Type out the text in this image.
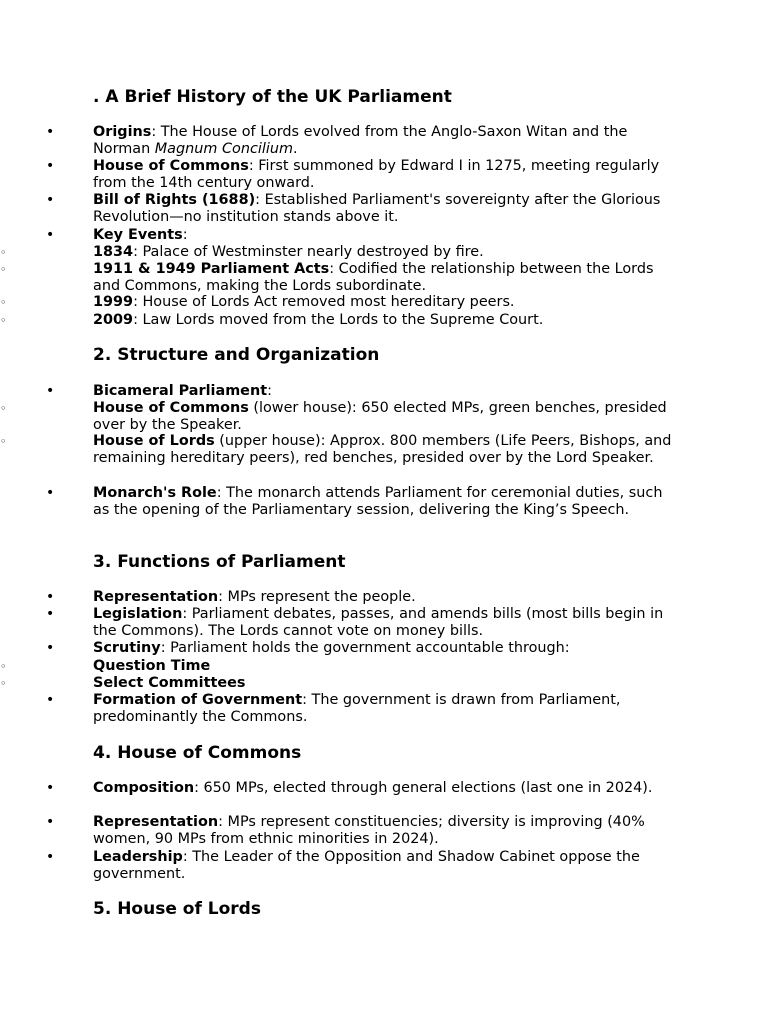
. A Brief History of the UK Parliament
•	Origins: The House of Lords evolved from the Anglo-Saxon Witan and the Norman Magnum Concilium.
•	House of Commons: First summoned by Edward I in 1275, meeting regularly from the 14th century onward.
•	Bill of Rights (1688): Established Parliament's sovereignty after the Glorious Revolution—no institution stands above it.
•	Key Events:
◦	1834: Palace of Westminster nearly destroyed by fire.
◦	1911 & 1949 Parliament Acts: Codified the relationship between the Lords and Commons, making the Lords subordinate.
◦	1999: House of Lords Act removed most hereditary peers.
◦	2009: Law Lords moved from the Lords to the Supreme Court.
2. Structure and Organization
•	Bicameral Parliament:
◦	House of Commons (lower house): 650 elected MPs, green benches, presided over by the Speaker.
◦	House of Lords (upper house): Approx. 800 members (Life Peers, Bishops, and remaining hereditary peers), red benches, presided over by the Lord Speaker.
•	Monarch's Role: The monarch attends Parliament for ceremonial duties, such as the opening of the Parliamentary session, delivering the King’s Speech.
3. Functions of Parliament
•	Representation: MPs represent the people.
•	Legislation: Parliament debates, passes, and amends bills (most bills begin in the Commons). The Lords cannot vote on money bills.
•	Scrutiny: Parliament holds the government accountable through:
◦	Question Time
◦	Select Committees
•	Formation of Government: The government is drawn from Parliament, predominantly the Commons.
4. House of Commons
•	Composition: 650 MPs, elected through general elections (last one in 2024).
•	Representation: MPs represent constituencies; diversity is improving (40% women, 90 MPs from ethnic minorities in 2024).
•	Leadership: The Leader of the Opposition and Shadow Cabinet oppose the government.
5. House of Lords
